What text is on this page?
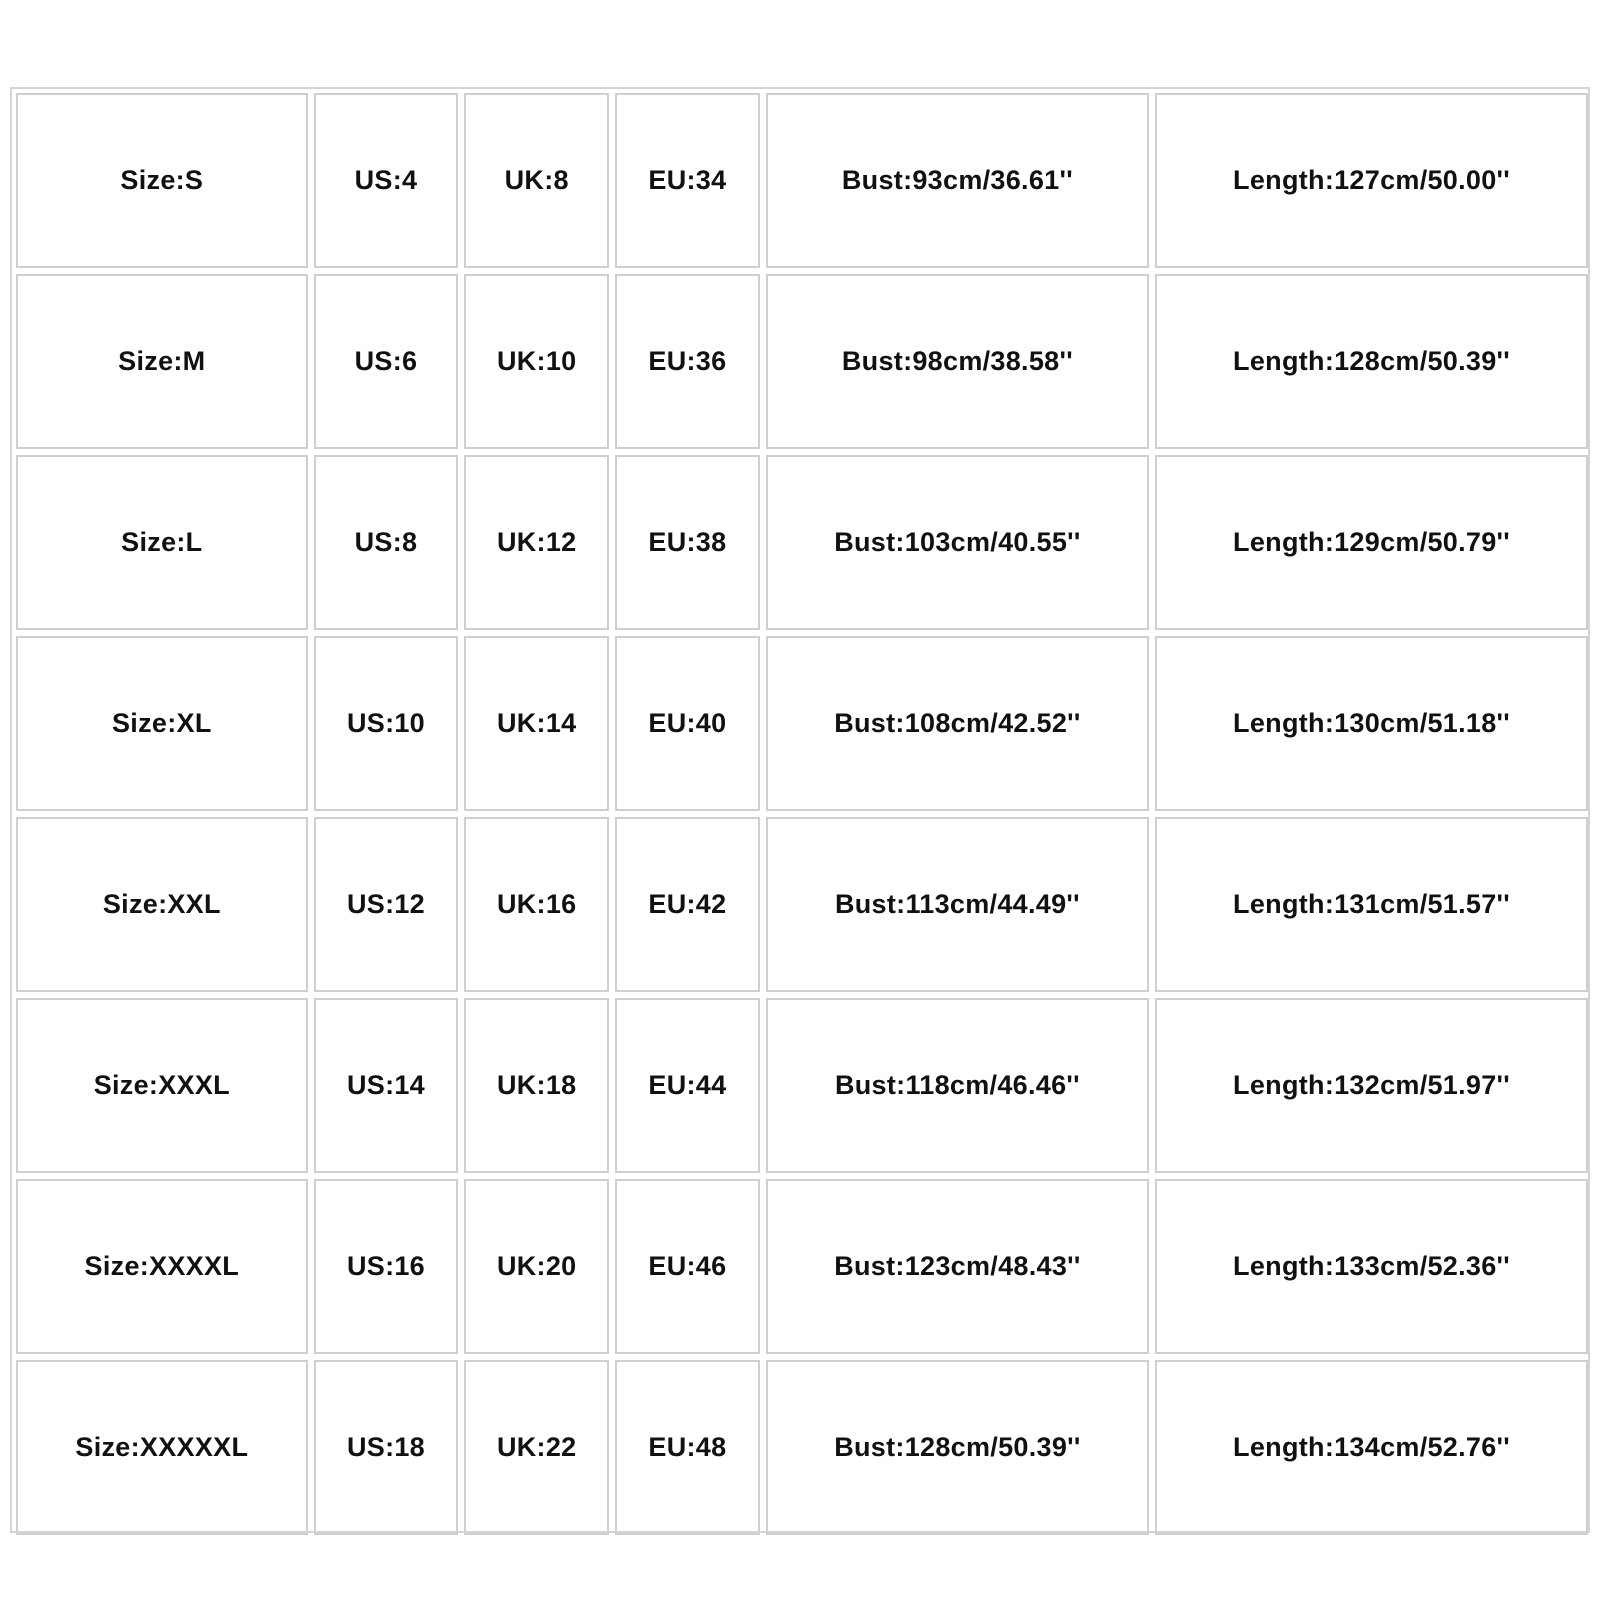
Size:S	US:4	UK:8	EU:34	Bust:93cm/36.61''	Length:127cm/50.00''
Size:M	US:6	UK:10	EU:36	Bust:98cm/38.58''	Length:128cm/50.39''
Size:L	US:8	UK:12	EU:38	Bust:103cm/40.55''	Length:129cm/50.79''
Size:XL	US:10	UK:14	EU:40	Bust:108cm/42.52''	Length:130cm/51.18''
Size:XXL	US:12	UK:16	EU:42	Bust:113cm/44.49''	Length:131cm/51.57''
Size:XXXL	US:14	UK:18	EU:44	Bust:118cm/46.46''	Length:132cm/51.97''
Size:XXXXL	US:16	UK:20	EU:46	Bust:123cm/48.43''	Length:133cm/52.36''
Size:XXXXXL	US:18	UK:22	EU:48	Bust:128cm/50.39''	Length:134cm/52.76''
